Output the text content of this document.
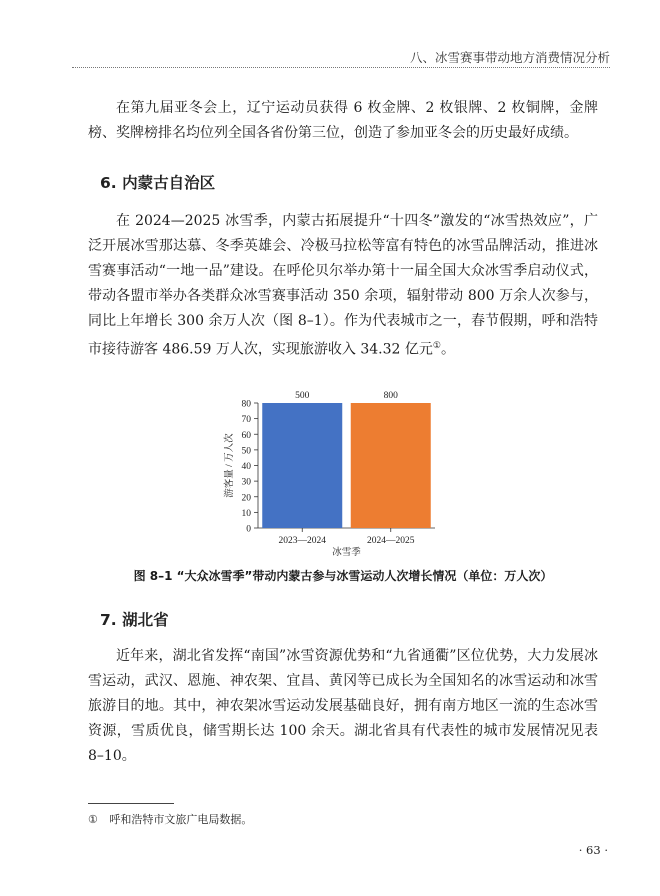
八、冰雪赛事带动地方消费情况分析

在第九届亚冬会上，辽宁运动员获得 6 枚金牌、2 枚银牌、2 枚铜牌，金牌榜、奖牌榜排名均位列全国各省份第三位，创造了参加亚冬会的历史最好成绩。

6. 内蒙古自治区

在 2024—2025 冰雪季，内蒙古拓展提升“十四冬”激发的“冰雪热效应”，广泛开展冰雪那达慕、冬季英雄会、冷极马拉松等富有特色的冰雪品牌活动，推进冰雪赛事活动“一地一品”建设。在呼伦贝尔举办第十一届全国大众冰雪季启动仪式，带动各盟市举办各类群众冰雪赛事活动 350 余项，辐射带动 800 万余人次参与，同比上年增长 300 余万人次（图 8–1）。作为代表城市之一，春节假期，呼和浩特市接待游客 486.59 万人次，实现旅游收入 34.32 亿元①。

0
10
20
30
40
50
60
70
80
500
2023—2024
800
2024—2025
冰雪季
游客量 / 万人次
图 8–1 “大众冰雪季”带动内蒙古参与冰雪运动人次增长情况（单位：万人次）
7. 湖北省

近年来，湖北省发挥“南国”冰雪资源优势和“九省通衢”区位优势，大力发展冰雪运动，武汉、恩施、神农架、宜昌、黄冈等已成长为全国知名的冰雪运动和冰雪旅游目的地。其中，神农架冰雪运动发展基础良好，拥有南方地区一流的生态冰雪资源，雪质优良，储雪期长达 100 余天。湖北省具有代表性的城市发展情况见表 8–10。

① 呼和浩特市文旅广电局数据。
· 63 ·
